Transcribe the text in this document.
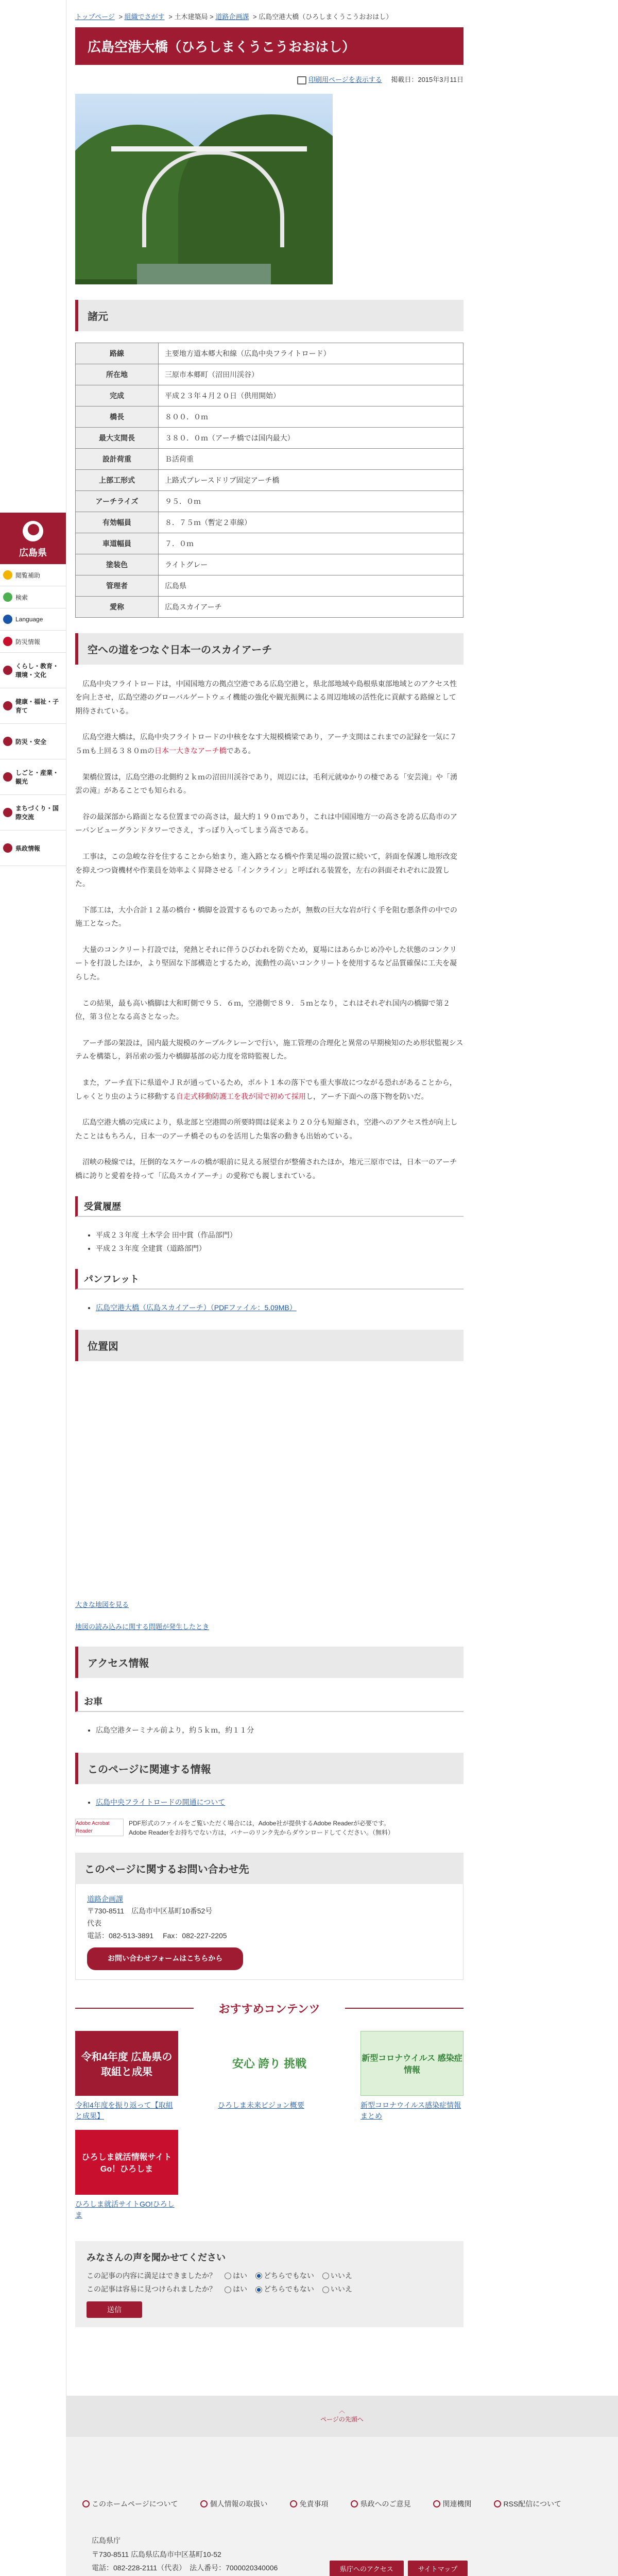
広島県
閲覧補助
検索
Language
防災情報
くらし・教育・環境・文化
健康・福祉・子育て
防災・安全
しごと・産業・観光
まちづくり・国際交流
県政情報
トップページ > 組織でさがす > 土木建築局 > 道路企画課 > 広島空港大橋（ひろしまくうこうおおはし）
広島空港大橋（ひろしまくうこうおおはし）
印刷用ページを表示する 掲載日：2015年3月11日
諸元
路線	主要地方道本郷大和線（広島中央フライトロード）
所在地	三原市本郷町（沼田川渓谷）
完成	平成２３年４月２０日（供用開始）
橋長	８００．０ｍ
最大支間長	３８０．０ｍ（アーチ橋では国内最大）
設計荷重	Ｂ活荷重
上部工形式	上路式ブレースドリブ固定アーチ橋
アーチライズ	９５．０ｍ
有効幅員	８．７５ｍ（暫定２車線）
車道幅員	７．０ｍ
塗装色	ライトグレー
管理者	広島県
愛称	広島スカイアーチ
空への道をつなぐ日本一のスカイアーチ

広島中央フライトロードは，中国国地方の拠点空港である広島空港と，県北部地域や島根県東部地域とのアクセス性を向上させ，広島空港のグローバルゲートウェイ機能の強化や観光振興による周辺地域の活性化に貢献する路線として期待されている。

広島空港大橋は，広島中央フライトロードの中核をなす大規模橋梁であり，アーチ支間はこれまでの記録を一気に７５ｍも上回る３８０ｍの日本一大きなアーチ橋である。

架橋位置は，広島空港の北側約２ｋｍの沼田川渓谷であり，周辺には，毛利元就ゆかりの棲である「安芸滝」や「湧雲の滝」があることでも知られる。

谷の最深部から路面となる位置までの高さは，最大約１９０ｍであり，これは中国国地方一の高さを誇る広島市のアーバンビューグランドタワーでさえ，すっぽり入ってしまう高さである。

工事は，この急峻な谷を住することから始まり，進入路となる橋や作業足場の設置に続いて，斜面を保護し地形改変を抑えつつ資機材や作業員を効率よく昇降させる「インクライン」と呼ばれる装置を，左右の斜面それぞれに設置した。

下部工は，大小合計１２基の橋台・橋脚を設置するものであったが，無数の巨大な岩が行く手を阻む悪条件の中での施工となった。

大量のコンクリート打設では，発熱とそれに伴うひびわれを防ぐため，夏場にはあらかじめ冷やした状態のコンクリートを打設したほか，より堅固な下部構造とするため，流動性の高いコンクリートを使用するなど品質確保に工夫を凝らした。

この結果，最も高い橋脚は大和町側で９５．６ｍ，空港側で８９．５ｍとなり，これはそれぞれ国内の橋脚で第２位，第３位となる高さとなった。

アーチ部の架設は，国内最大規模のケーブルクレーンで行い，施工管理の合理化と異常の早期検知のため形状監視システムを構築し，斜吊索の張力や橋脚基部の応力度を常時監視した。

また，アーチ直下に県道やＪＲが通っているため，ボルト１本の落下でも重大事故につながる恐れがあることから，しゃくとり虫のように移動する自走式移動防護工を我が国で初めて採用し，アーチ下面への落下物を防いだ。

広島空港大橋の完成により，県北部と空港間の所要時間は従来より２０分も短縮され，空港へのアクセス性が向上したことはもちろん，日本一のアーチ橋そのものを活用した集客の動きも出始めている。

沼峡の稜線では，圧倒的なスケールの橋が眼前に見える展望台が整備されたほか，地元三原市では，日本一のアーチ橋に誇りと愛着を持って「広島スカイアーチ」の愛称でも親しまれている。

受賞履歴
• 平成２３年度 土木学会 田中賞（作品部門）
• 平成２３年度 全建賞（道路部門）
パンフレット
• 広島空港大橋（広島スカイアーチ）（PDFファイル：5.09MB）
位置図
大きな地図を見る
地図の読み込みに関する問題が発生したとき
アクセス情報
お車
• 広島空港ターミナル前より，約５ｋｍ，約１１分
このページに関連する情報
• 広島中央フライトロードの開通について
Adobe Acrobat Reader
PDF形式のファイルをご覧いただく場合には，Adobe社が提供するAdobe Readerが必要です。
Adobe Readerをお持ちでない方は，バナーのリンク先からダウンロードしてください。（無料）
このページに関するお問い合わせ先
道路企画課
〒730-8511　広島市中区基町10番52号
代表
電話：082-513-3891　 Fax：082-227-2205
お問い合わせフォームはこちらから
おすすめコンテンツ
令和4年度 広島県の 取組と成果
令和4年度を振り返って【取組と成果】
安心 誇り 挑戦
ひろしま未来ビジョン概要
新型コロナウイルス 感染症情報
新型コロナウイルス感染症情報まとめ
ひろしま就活情報サイト Go！ひろしま
ひろしま就活サイトGO!ひろしま
みなさんの声を聞かせてください
この記事の内容に満足はできましたか？	はい	どちらでもない	いいえ
この記事は容易に見つけられましたか？	はい	どちらでもない	いいえ
送信
︿
ページの先頭へ
このホームページについて	個人情報の取扱い	免責事項	県政へのご意見	関連機関	RSS配信について
広島県庁
〒730-8511 広島県広島市中区基町10-52
電話：082-228-2111（代表）　法人番号：7000020340006	県庁へのアクセス	サイトマップ
